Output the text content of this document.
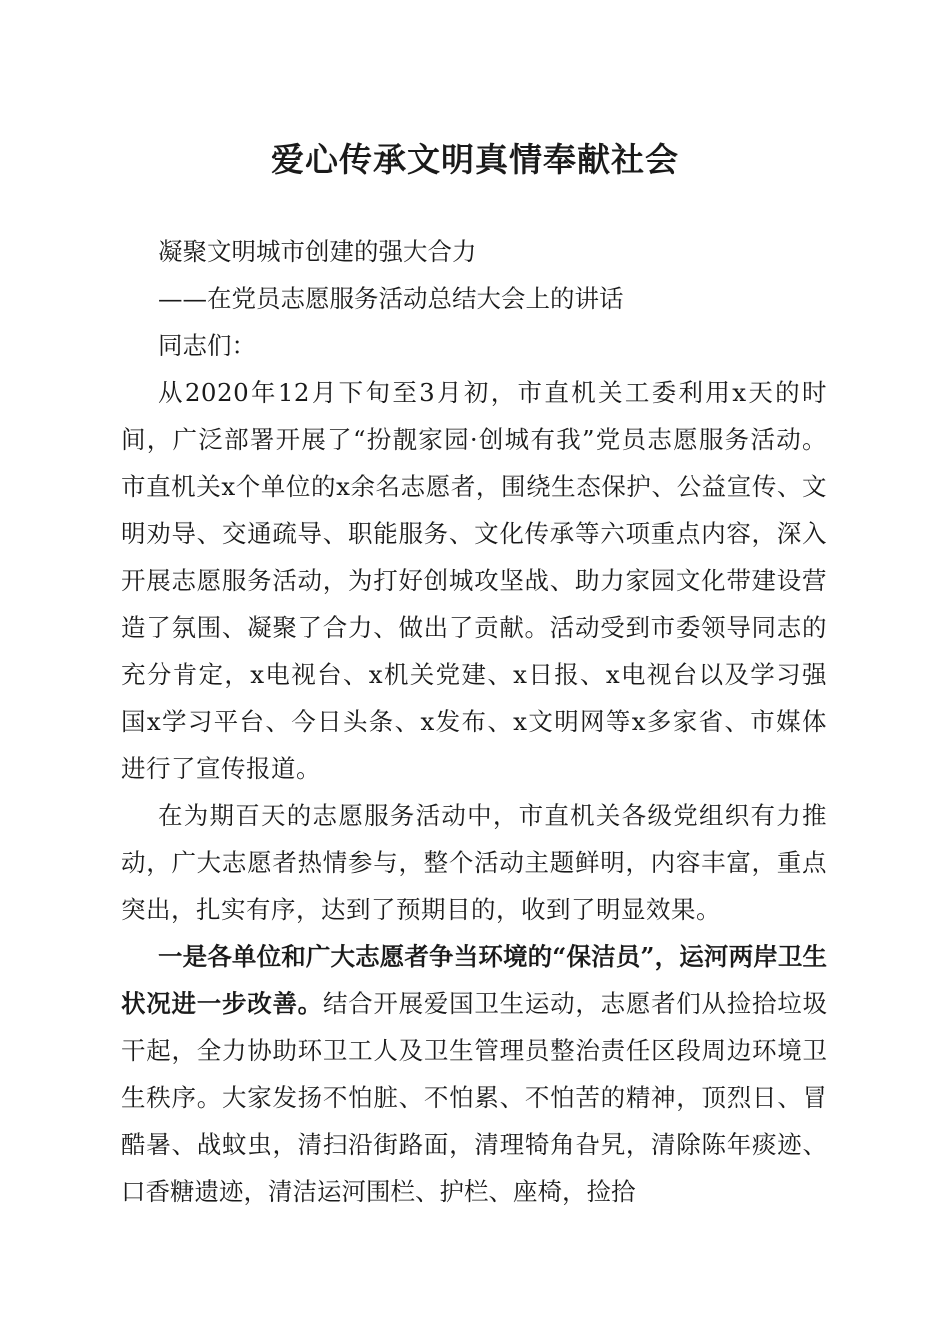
爱心传承文明真情奉献社会

凝聚文明城市创建的强大合力

——在党员志愿服务活动总结大会上的讲话

同志们：

从2020年12月下旬至3月初，市直机关工委利用x天的时间，广泛部署开展了“扮靓家园·创城有我”党员志愿服务活动。市直机关x个单位的x余名志愿者，围绕生态保护、公益宣传、文明劝导、交通疏导、职能服务、文化传承等六项重点内容，深入开展志愿服务活动，为打好创城攻坚战、助力家园文化带建设营造了氛围、凝聚了合力、做出了贡献。活动受到市委领导同志的充分肯定，x电视台、x机关党建、x日报、x电视台以及学习强国x学习平台、今日头条、x发布、x文明网等x多家省、市媒体进行了宣传报道。

在为期百天的志愿服务活动中，市直机关各级党组织有力推动，广大志愿者热情参与，整个活动主题鲜明，内容丰富，重点突出，扎实有序，达到了预期目的，收到了明显效果。

一是各单位和广大志愿者争当环境的“保洁员”，运河两岸卫生状况进一步改善。结合开展爱国卫生运动，志愿者们从捡拾垃圾干起，全力协助环卫工人及卫生管理员整治责任区段周边环境卫生秩序。大家发扬不怕脏、不怕累、不怕苦的精神，顶烈日、冒酷暑、战蚊虫，清扫沿街路面，清理犄角旮旯，清除陈年痰迹、口香糖遗迹，清洁运河围栏、护栏、座椅，捡拾
